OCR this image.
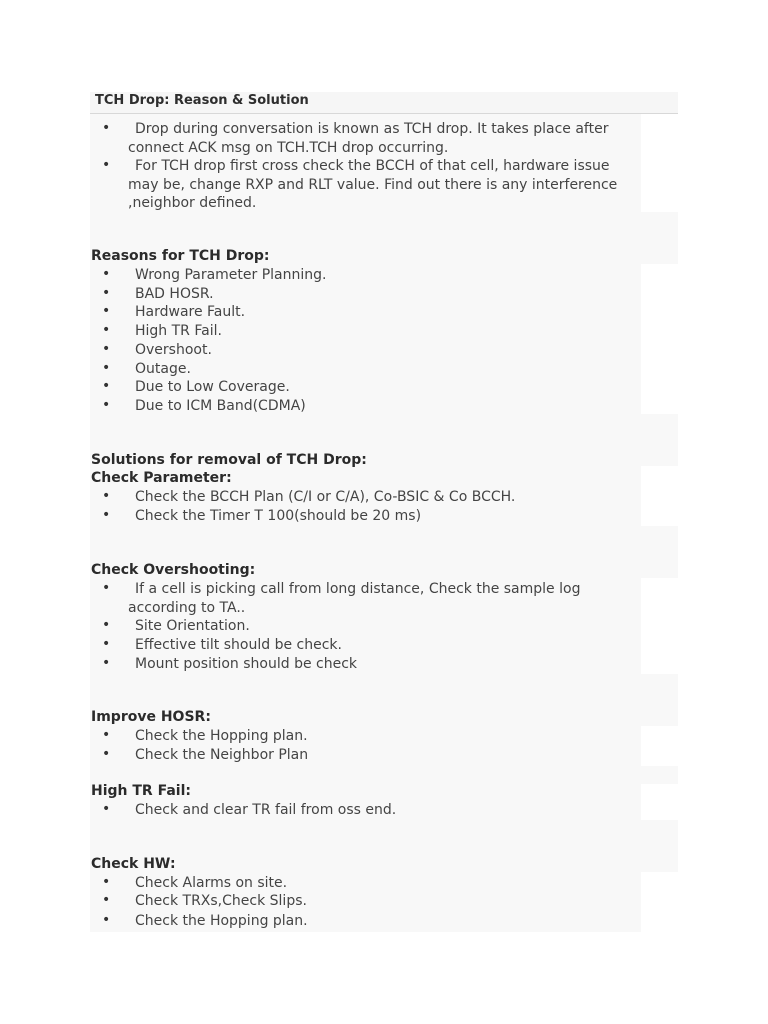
TCH Drop: Reason & Solution
•	Drop during conversation is known as TCH drop. It takes place after
connect ACK msg on TCH.TCH drop occurring.
•	For TCH drop first cross check the BCCH of that cell, hardware issue
may be, change RXP and RLT value. Find out there is any interference ,neighbor defined.
Reasons for TCH Drop:
• Wrong Parameter Planning.
• BAD HOSR.
• Hardware Fault.
• High TR Fail.
• Overshoot.
• Outage.
• Due to Low Coverage.
• Due to ICM Band(CDMA)
Solutions for removal of TCH Drop:
Check Parameter:
• Check the BCCH Plan (C/I or C/A), Co-BSIC & Co BCCH.
• Check the Timer T 100(should be 20 ms)
Check Overshooting:
•	If a cell is picking call from long distance, Check the sample log
according to TA..
• Site Orientation.
• Effective tilt should be check.
• Mount position should be check
Improve HOSR:
• Check the Hopping plan.
• Check the Neighbor Plan
High TR Fail:
• Check and clear TR fail from oss end.
Check HW:
• Check Alarms on site.
• Check TRXs,Check Slips.
• Check the Hopping plan.
